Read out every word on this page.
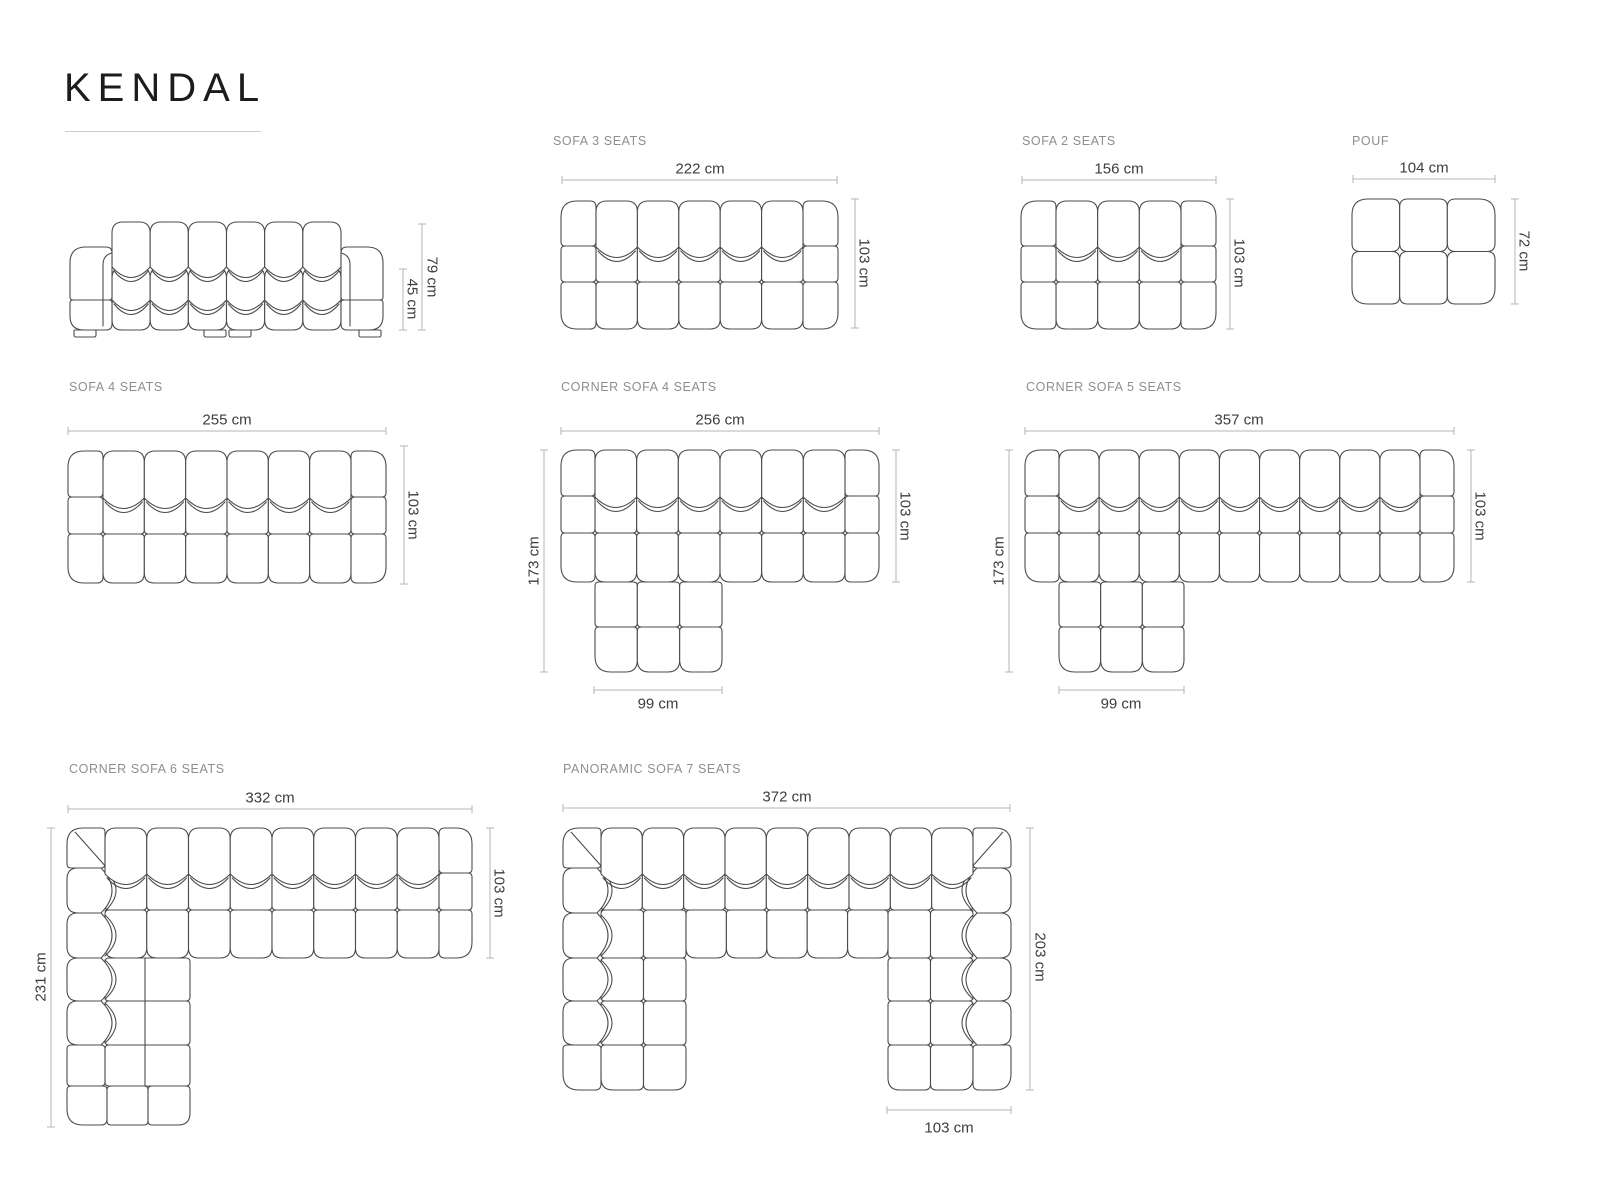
KENDAL
SOFA 3 SEATS	SOFA 2 SEATS	POUF
SOFA 4 SEATS	CORNER SOFA 4 SEATS	CORNER SOFA 5 SEATS
CORNER SOFA 6 SEATS	PANORAMIC SOFA 7 SEATS
79 cm
45 cm
222 cm
103 cm
156 cm
103 cm
104 cm
72 cm
255 cm
103 cm
256 cm
173 cm
103 cm
99 cm
357 cm
173 cm
103 cm
99 cm
332 cm
231 cm
103 cm
372 cm
203 cm
103 cm
